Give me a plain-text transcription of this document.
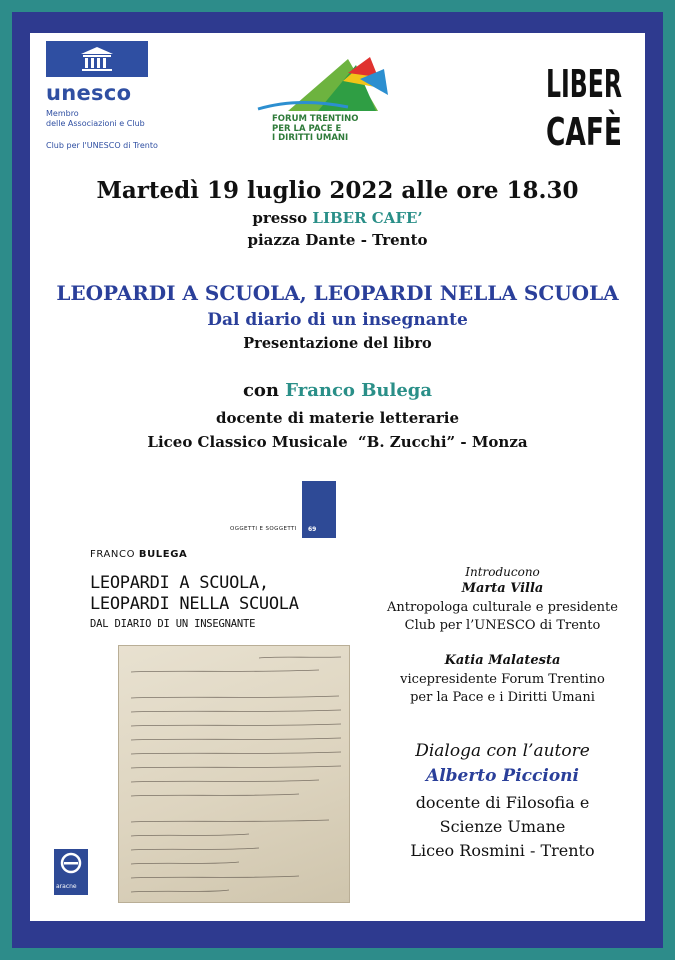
unesco
Membro
delle Associazioni e Club
Club per l'UNESCO di Trento
FORUM TRENTINO
PER LA PACE E
I DIRITTI UMANI
LIBER
CAFÈ
Martedì 19 luglio 2022 alle ore 18.30
presso LIBER CAFE’
piazza Dante - Trento
LEOPARDI A SCUOLA, LEOPARDI NELLA SCUOLA
Dal diario di un insegnante
Presentazione del libro
con Franco Bulega
docente di materie letterarie
Liceo Classico Musicale  “B. Zucchi” - Monza
OGGETTI E SOGGETTI 69
FRANCO BULEGA
LEOPARDI A SCUOLA,
LEOPARDI NELLA SCUOLA
DAL DIARIO DI UN INSEGNANTE
aracne
Introducono
Marta Villa
Antropologa culturale e presidente
Club per l’UNESCO di Trento
Katia Malatesta
vicepresidente Forum Trentino
per la Pace e i Diritti Umani
Dialoga con l’autore
Alberto Piccioni
docente di Filosofia e
Scienze Umane
Liceo Rosmini - Trento
